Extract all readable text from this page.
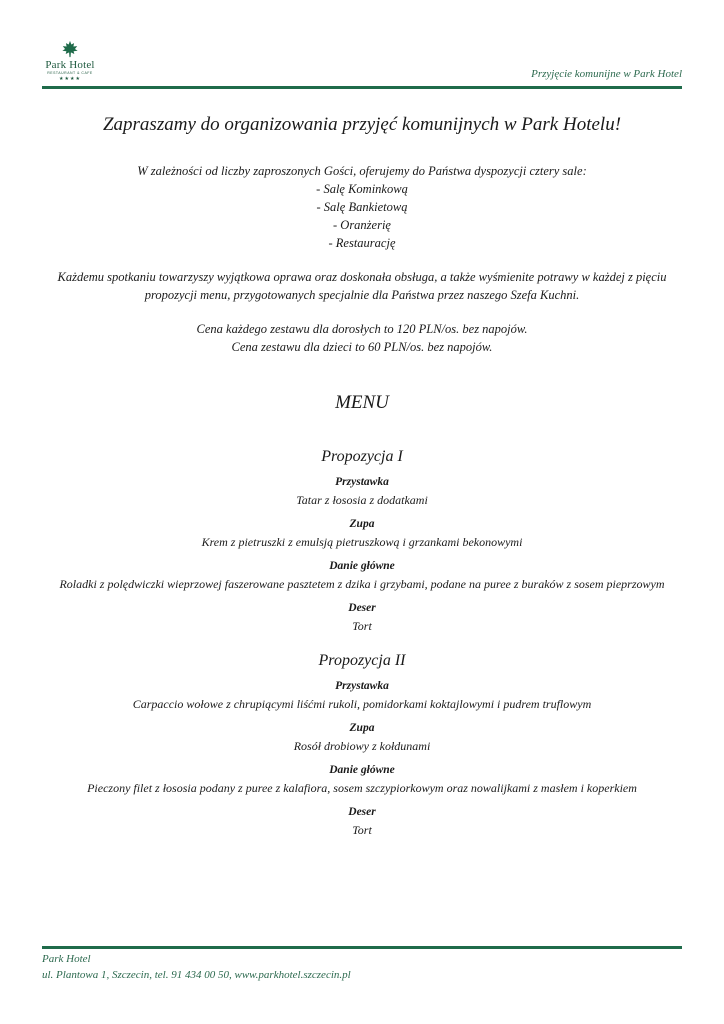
Park Hotel
RESTAURANT & CAFE
★★★★	Przyjęcie komunijne w Park Hotel
Zapraszamy do organizowania przyjęć komunijnych w Park Hotelu!

W zależności od liczby zaproszonych Gości, oferujemy do Państwa dyspozycji cztery sale:

- Salę Kominkową

- Salę Bankietową

- Oranżerię

- Restaurację

Każdemu spotkaniu towarzyszy wyjątkowa oprawa oraz doskonała obsługa, a także wyśmienite potrawy w każdej z pięciu propozycji menu, przygotowanych specjalnie dla Państwa przez naszego Szefa Kuchni.

Cena każdego zestawu dla dorosłych to 120 PLN/os. bez napojów.

Cena zestawu dla dzieci to 60 PLN/os. bez napojów.

MENU
Propozycja I
Przystawka
Tatar z łososia z dodatkami
Zupa
Krem z pietruszki z emulsją pietruszkową i grzankami bekonowymi
Danie główne
Roladki z polędwiczki wieprzowej faszerowane pasztetem z dzika i grzybami, podane na puree z buraków z sosem pieprzowym
Deser
Tort
Propozycja II
Przystawka
Carpaccio wołowe z chrupiącymi liśćmi rukoli, pomidorkami koktajlowymi i pudrem truflowym
Zupa
Rosół drobiowy z kołdunami
Danie główne
Pieczony filet z łososia podany z puree z kalafiora, sosem szczypiorkowym oraz nowalijkami z masłem i koperkiem
Deser
Tort
Park Hotel
ul. Plantowa 1, Szczecin, tel. 91 434 00 50, www.parkhotel.szczecin.pl
